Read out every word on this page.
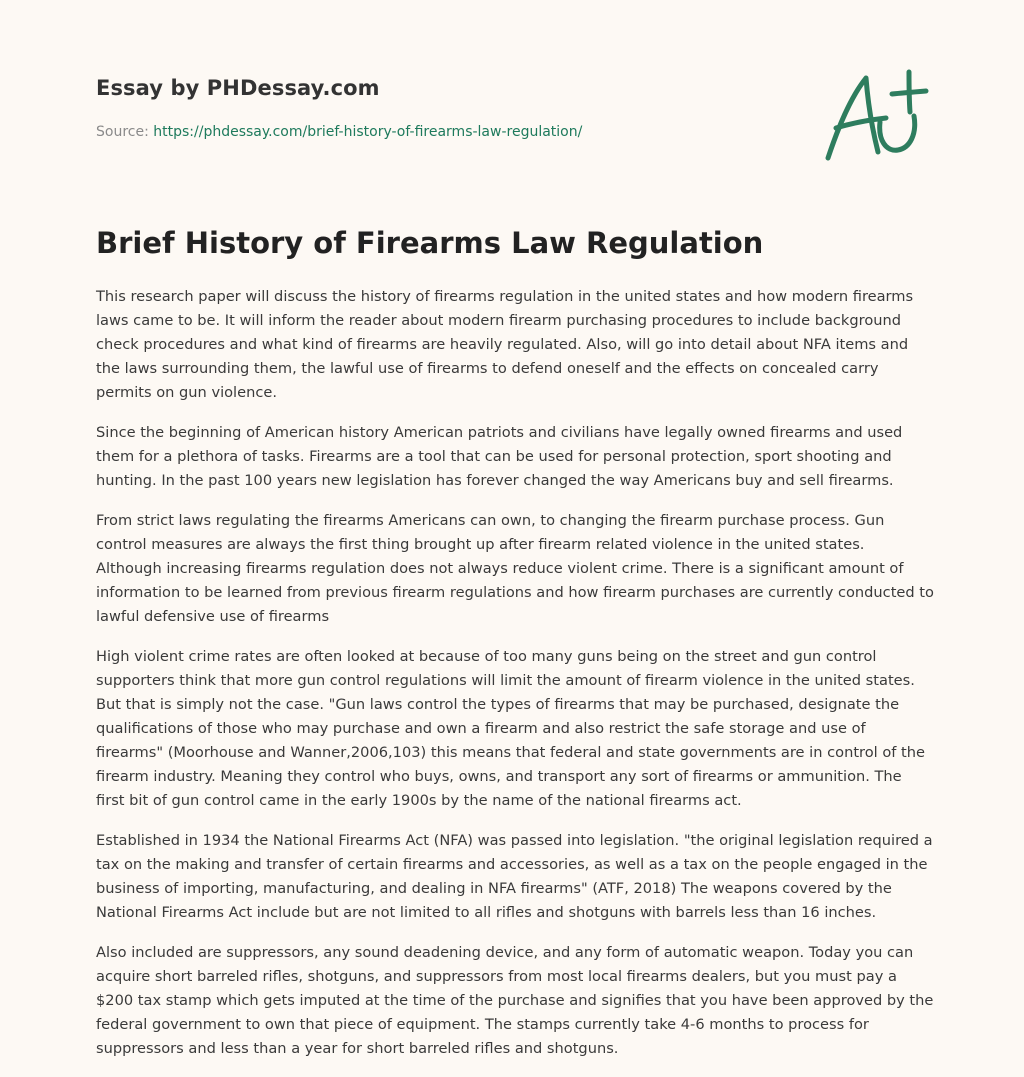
Essay by PHDessay.com
Source: https://phdessay.com/brief-history-of-firearms-law-regulation/
Brief History of Firearms Law Regulation

This research paper will discuss the history of firearms regulation in the united states and how modern firearms laws came to be. It will inform the reader about modern firearm purchasing procedures to include background check procedures and what kind of firearms are heavily regulated. Also, will go into detail about NFA items and the laws surrounding them, the lawful use of firearms to defend oneself and the effects on concealed carry permits on gun violence.

Since the beginning of American history American patriots and civilians have legally owned firearms and used them for a plethora of tasks. Firearms are a tool that can be used for personal protection, sport shooting and hunting. In the past 100 years new legislation has forever changed the way Americans buy and sell firearms.

From strict laws regulating the firearms Americans can own, to changing the firearm purchase process. Gun control measures are always the first thing brought up after firearm related violence in the united states. Although increasing firearms regulation does not always reduce violent crime. There is a significant amount of information to be learned from previous firearm regulations and how firearm purchases are currently conducted to lawful defensive use of firearms

High violent crime rates are often looked at because of too many guns being on the street and gun control supporters think that more gun control regulations will limit the amount of firearm violence in the united states. But that is simply not the case. "Gun laws control the types of firearms that may be purchased, designate the qualifications of those who may purchase and own a firearm and also restrict the safe storage and use of firearms" (Moorhouse and Wanner,2006,103) this means that federal and state governments are in control of the firearm industry. Meaning they control who buys, owns, and transport any sort of firearms or ammunition. The first bit of gun control came in the early 1900s by the name of the national firearms act.

Established in 1934 the National Firearms Act (NFA) was passed into legislation. "the original legislation required a tax on the making and transfer of certain firearms and accessories, as well as a tax on the people engaged in the business of importing, manufacturing, and dealing in NFA firearms" (ATF, 2018) The weapons covered by the National Firearms Act include but are not limited to all rifles and shotguns with barrels less than 16 inches.

Also included are suppressors, any sound deadening device, and any form of automatic weapon. Today you can acquire short barreled rifles, shotguns, and suppressors from most local firearms dealers, but you must pay a $200 tax stamp which gets imputed at the time of the purchase and signifies that you have been approved by the federal government to own that piece of equipment. The stamps currently take 4-6 months to process for suppressors and less than a year for short barreled rifles and shotguns.
